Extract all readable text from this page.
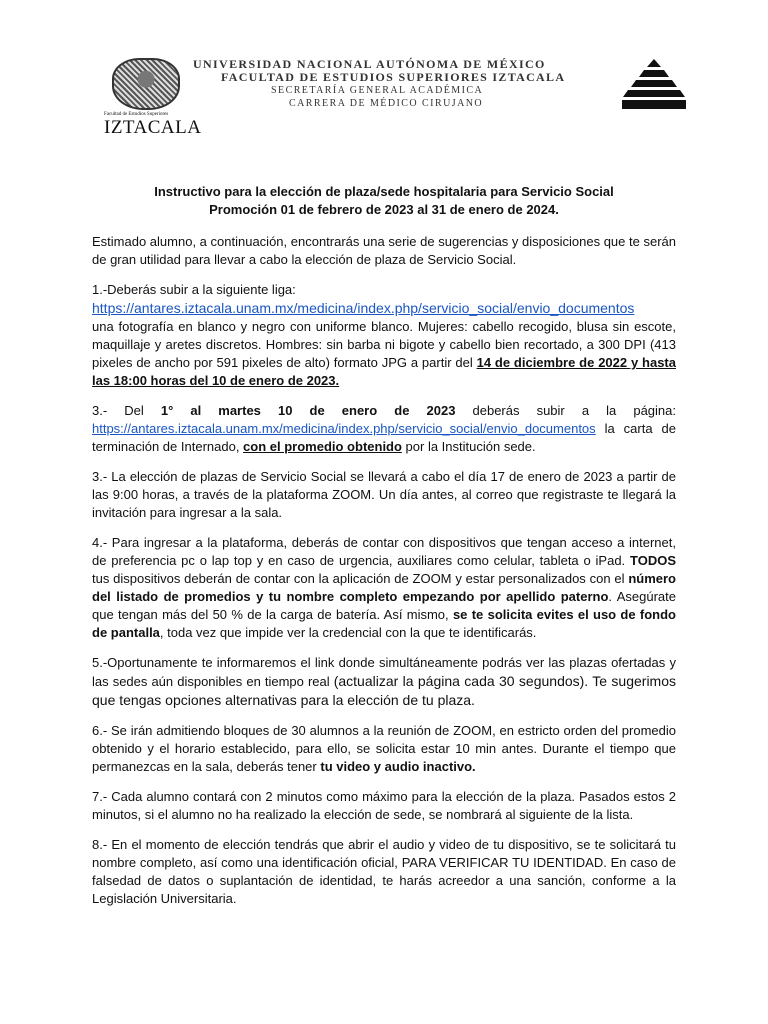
Facultad de Estudios Superiores
IZTACALA
UNIVERSIDAD NACIONAL AUTÓNOMA DE MÉXICO
FACULTAD DE ESTUDIOS SUPERIORES IZTACALA
SECRETARÍA GENERAL ACADÉMICA
CARRERA DE MÉDICO CIRUJANO

Instructivo para la elección de plaza/sede hospitalaria para Servicio Social
Promoción 01 de febrero de 2023 al 31 de enero de 2024.

Estimado alumno, a continuación, encontrarás una serie de sugerencias y disposiciones que te serán de gran utilidad para llevar a cabo la elección de plaza de Servicio Social.

1.-Deberás subir a la siguiente liga:
https://antares.iztacala.unam.mx/medicina/index.php/servicio_social/envio_documentos
una fotografía en blanco y negro con uniforme blanco. Mujeres: cabello recogido, blusa sin escote, maquillaje y aretes discretos. Hombres: sin barba ni bigote y cabello bien recortado, a 300 DPI (413 pixeles de ancho por 591 pixeles de alto) formato JPG a partir del 14 de diciembre de 2022 y hasta las 18:00 horas del 10 de enero de 2023.

3.- Del 1° al martes 10 de enero de 2023 deberás subir a la página: https://antares.iztacala.unam.mx/medicina/index.php/servicio_social/envio_documentos la carta de terminación de Internado, con el promedio obtenido por la Institución sede.

3.- La elección de plazas de Servicio Social se llevará a cabo el día 17 de enero de 2023 a partir de las 9:00 horas, a través de la plataforma ZOOM. Un día antes, al correo que registraste te llegará la invitación para ingresar a la sala.

4.- Para ingresar a la plataforma, deberás de contar con dispositivos que tengan acceso a internet, de preferencia pc o lap top y en caso de urgencia, auxiliares como celular, tableta o iPad. TODOS tus dispositivos deberán de contar con la aplicación de ZOOM y estar personalizados con el número del listado de promedios y tu nombre completo empezando por apellido paterno. Asegúrate que tengan más del 50 % de la carga de batería. Así mismo, se te solicita evites el uso de fondo de pantalla, toda vez que impide ver la credencial con la que te identificarás.

5.-Oportunamente te informaremos el link donde simultáneamente podrás ver las plazas ofertadas y las sedes aún disponibles en tiempo real (actualizar la página cada 30 segundos). Te sugerimos que tengas opciones alternativas para la elección de tu plaza.

6.- Se irán admitiendo bloques de 30 alumnos a la reunión de ZOOM, en estricto orden del promedio obtenido y el horario establecido, para ello, se solicita estar 10 min antes. Durante el tiempo que permanezcas en la sala, deberás tener tu video y audio inactivo.

7.- Cada alumno contará con 2 minutos como máximo para la elección de la plaza. Pasados estos 2 minutos, si el alumno no ha realizado la elección de sede, se nombrará al siguiente de la lista.

8.- En el momento de elección tendrás que abrir el audio y video de tu dispositivo, se te solicitará tu nombre completo, así como una identificación oficial, PARA VERIFICAR TU IDENTIDAD. En caso de falsedad de datos o suplantación de identidad, te harás acreedor a una sanción, conforme a la Legislación Universitaria.
